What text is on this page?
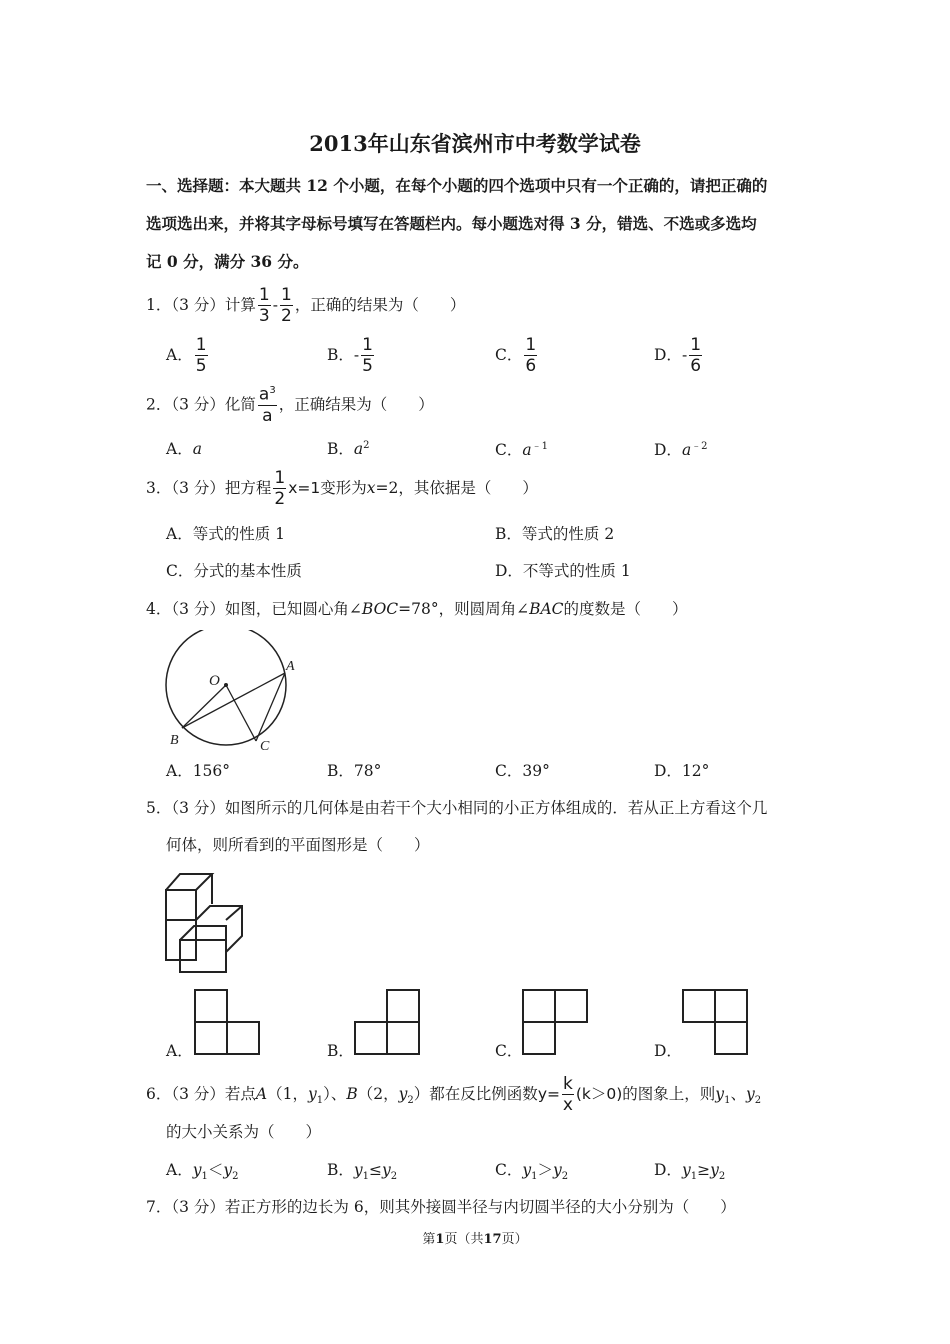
2013年山东省滨州市中考数学试卷
一、选择题：本大题共 12 个小题，在每个小题的四个选项中只有一个正确的，请把正确的
选项选出来，并将其字母标号填写在答题栏内。每小题选对得 3 分，错选、不选或多选均
记 0 分，满分 36 分。
1．（3 分）计算 $\frac{1}{3} - \frac{1}{2}$ ，正确的结果为（　　）
A． $\frac{1}{5}$	B．- $\frac{1}{5}$	C． $\frac{1}{6}$	D．- $\frac{1}{6}$
2．（3 分）化简 $\frac{a^3}{a}$ ，正确结果为（　　）
A．a	B．$a^2$	C．$a^{﹣1}$	D．$a^{﹣2}$
3．（3 分）把方程 $\frac{1}{2} x=1$变形为x=2，其依据是（　　）
A．等式的性质 1	B．等式的性质 2
C．分式的基本性质	D．不等式的性质 1
4．（3 分）如图，已知圆心角∠BOC=78°，则圆周角∠BAC的度数是（　　）
O
A
B	C
A．156°	B．78°	C．39°	D．12°
5．（3 分）如图所示的几何体是由若干个大小相同的小正方体组成的．若从正上方看这个几
何体，则所看到的平面图形是（　　）
A．	B．	C．	D．
6．（3 分）若点A（1，$y_1$）、B（2，$y_2$）都在反比例函数$y= \frac{k}{x} (k>0)$的图象上，则$y_1$、$y_2$
的大小关系为（　　）
A．$y_1<y_2$	B．$y_1\le y_2$	C．$y_1>y_2$	D．$y_1\ge y_2$
7．（3 分）若正方形的边长为 6，则其外接圆半径与内切圆半径的大小分别为（　　）
第1页（共17页）
